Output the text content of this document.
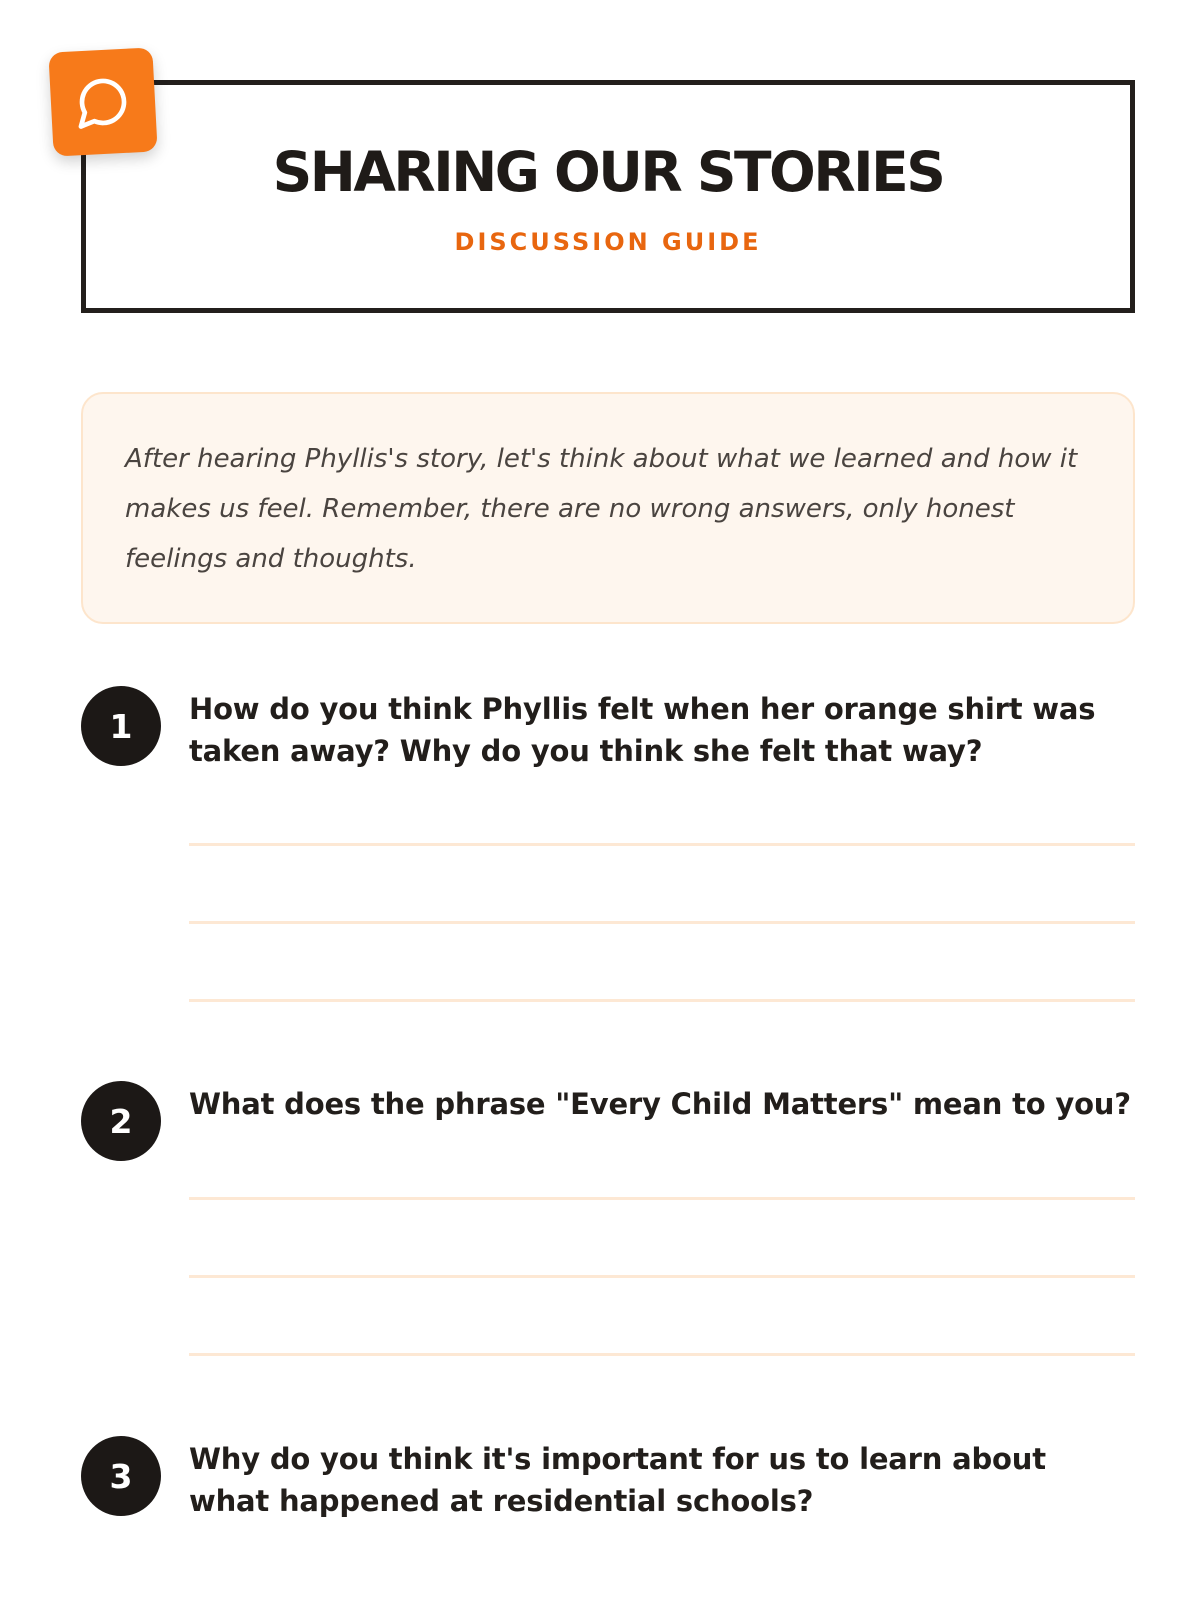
SHARING OUR STORIES
DISCUSSION GUIDE

After hearing Phyllis's story, let's think about what we learned and how it makes us feel. Remember, there are no wrong answers, only honest feelings and thoughts.

1	How do you think Phyllis felt when her orange shirt was taken away? Why do you think she felt that way?
2	What does the phrase "Every Child Matters" mean to you?
3	Why do you think it's important for us to learn about what happened at residential schools?
